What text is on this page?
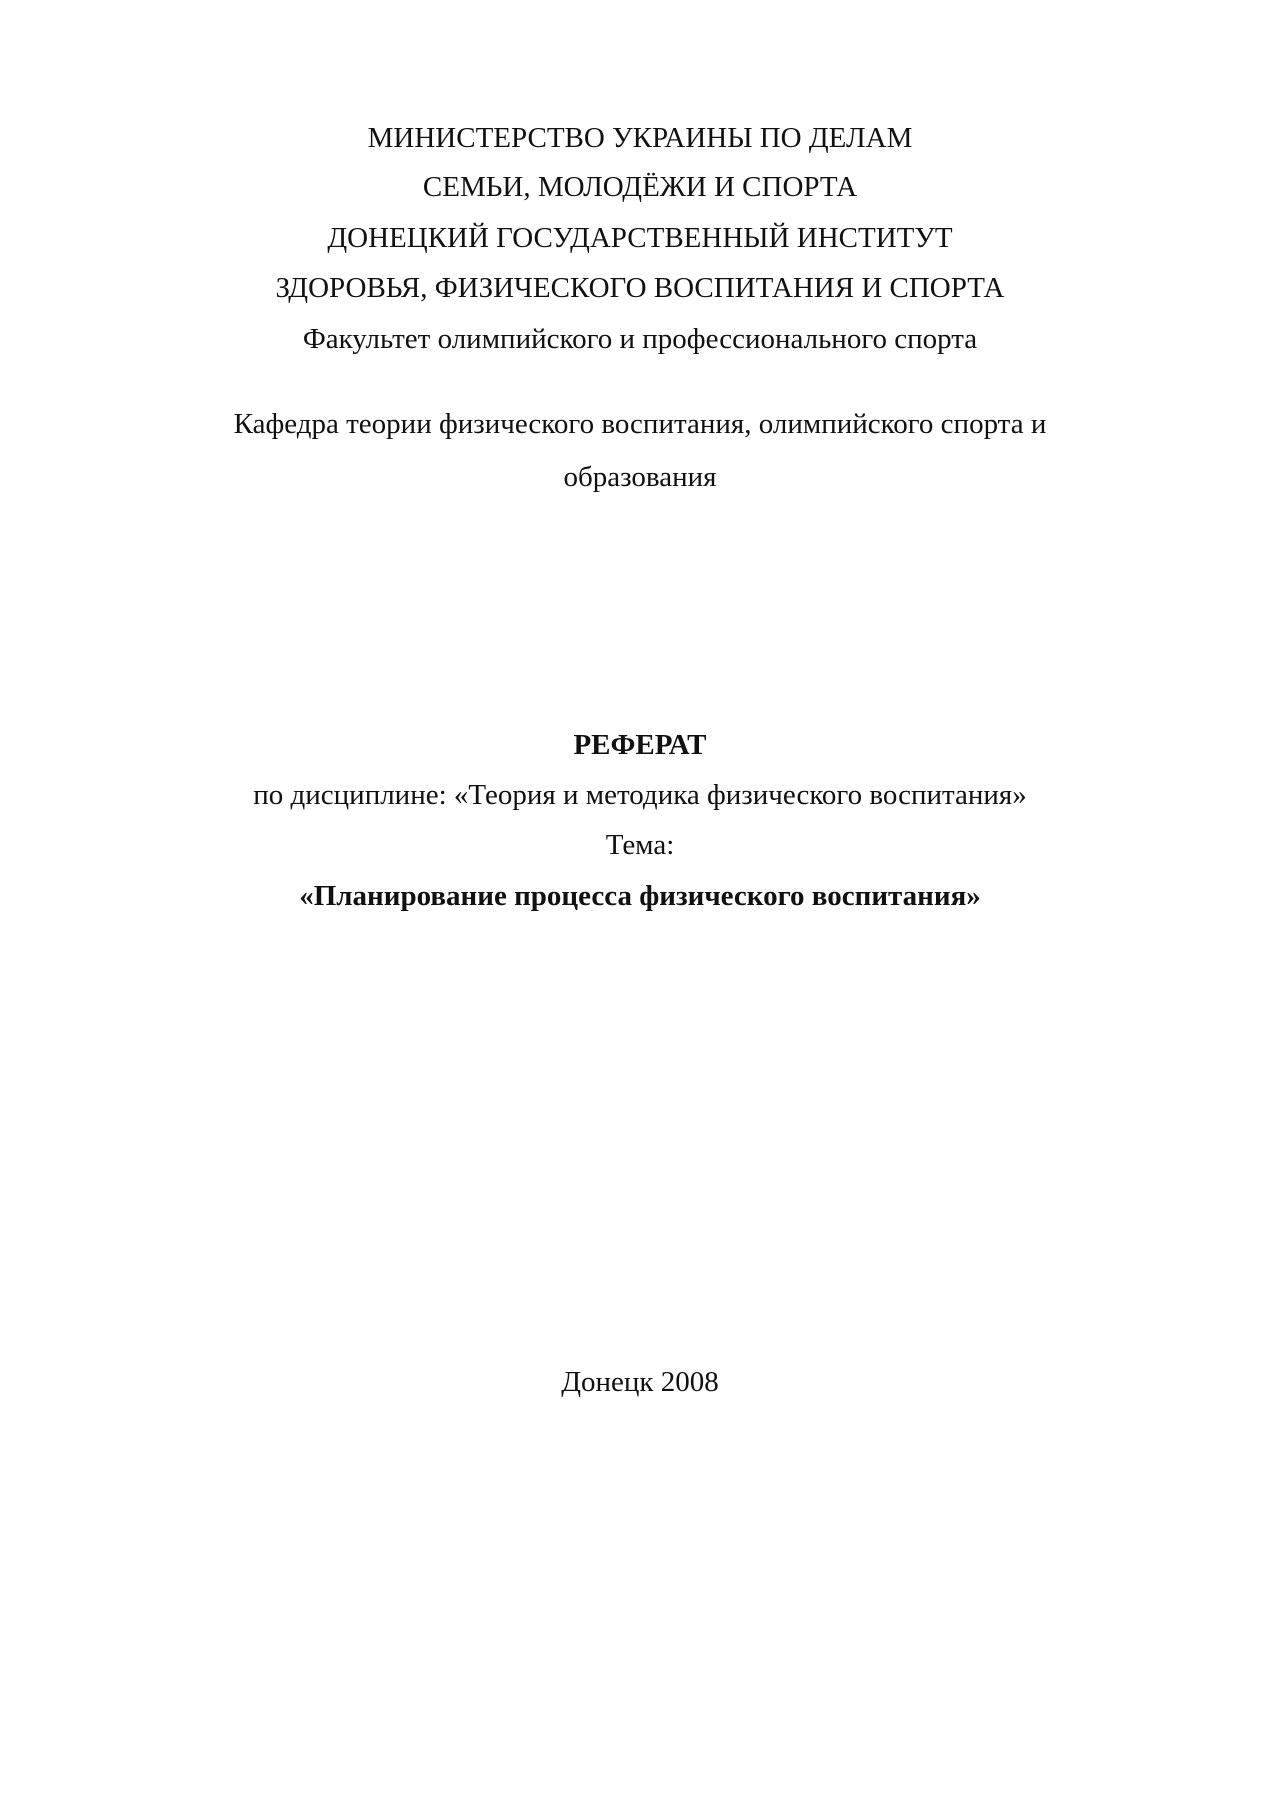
МИНИСТЕРСТВО УКРАИНЫ ПО ДЕЛАМ

СЕМЬИ, МОЛОДЁЖИ И СПОРТА

ДОНЕЦКИЙ ГОСУДАРСТВЕННЫЙ ИНСТИТУТ

ЗДОРОВЬЯ, ФИЗИЧЕСКОГО ВОСПИТАНИЯ И СПОРТА

Факультет олимпийского и профессионального спорта

Кафедра теории физического воспитания, олимпийского спорта и

образования

РЕФЕРАТ

по дисциплине: «Теория и методика физического воспитания»

Тема:

«Планирование процесса физического воспитания»

Донецк 2008
